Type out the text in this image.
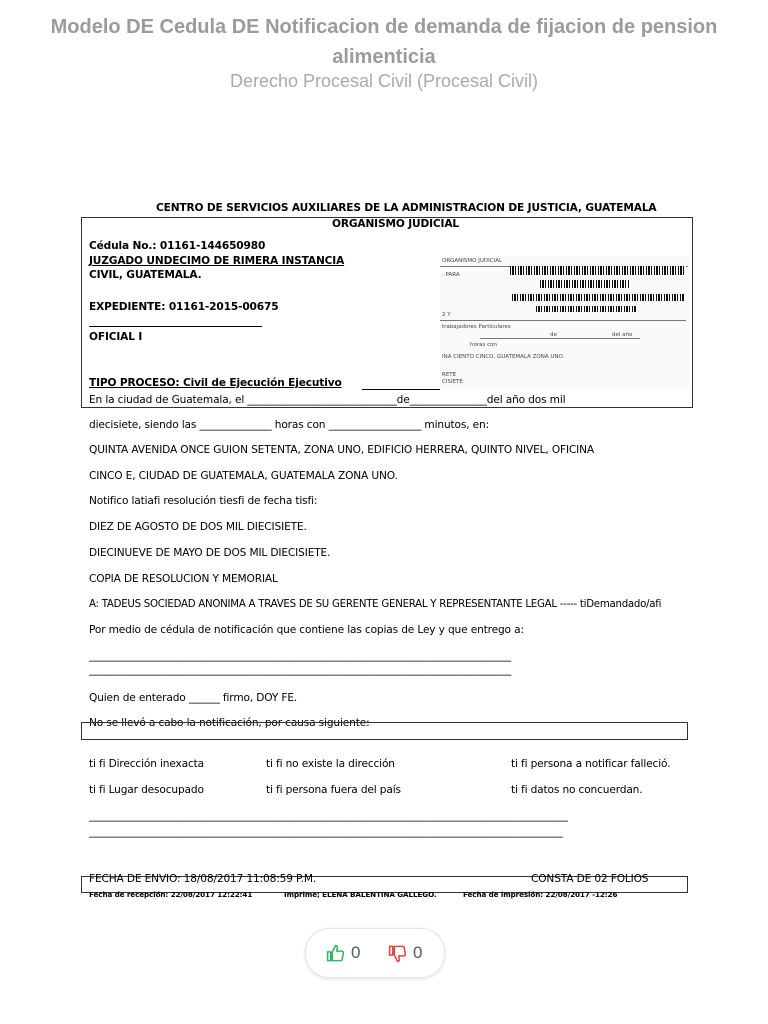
Modelo DE Cedula DE Notificacion de demanda de fijacion de pension alimenticia
Derecho Procesal Civil (Procesal Civil)
CENTRO DE SERVICIOS AUXILIARES DE LA ADMINISTRACION DE JUSTICIA, GUATEMALA
ORGANISMO JUDICIAL
Cédula No.: 01161-144650980
JUZGADO UNDECIMO DE RIMERA INSTANCIA
CIVIL, GUATEMALA.
EXPEDIENTE: 01161-2015-00675
OFICIAL I
TIPO PROCESO: Civil de Ejecución Ejecutivo
ORGANISMO JUDICIAL
. PARA
2 Y
trabajadores Particulares
de	del año
horas con
INA CIENTO CINCO, GUATEMALA ZONA UNO.
RETE
CISIETE
En la ciudad de Guatemala, el _____________________________de_______________del año dos mil
diecisiete, siendo las ______________ horas con __________________ minutos, en:
QUINTA AVENIDA ONCE GUION SETENTA, ZONA UNO, EDIFICIO HERRERA, QUINTO NIVEL, OFICINA
CINCO E, CIUDAD DE GUATEMALA, GUATEMALA ZONA UNO.
Notifico latiafi resolución tiesfi de fecha tisfi:
DIEZ DE AGOSTO DE DOS MIL DIECISIETE.
DIECINUEVE DE MAYO DE DOS MIL DIECISIETE.
COPIA DE RESOLUCION Y MEMORIAL
A: TADEUS SOCIEDAD ANONIMA A TRAVES DE SU GERENTE GENERAL Y REPRESENTANTE LEGAL ----- tiDemandado/afi
Por medio de cédula de notificación que contiene las copias de Ley y que entrego a:
__________________________________________________________________________________
__________________________________________________________________________________
Quien de enterado ______ firmo, DOY FE.
No se llevó a cabo la notificación, por causa siguiente:
ti fi Dirección inexacta	ti fi no existe la dirección	ti fi persona a notificar falleció.
ti fi Lugar desocupado	ti fi persona fuera del país	ti fi datos no concuerdan.
_____________________________________________________________________________________________
____________________________________________________________________________________________
FECHA DE ENVIO: 18/08/2017 11:08:59 P.M.	CONSTA DE 02 FOLIOS
Fecha de recepción: 22/08/2017 12:22:41	Imprime; ELENA BALENTINA GALLEGO.	Fecha de impresión: 22/08/2017 -12:26
0	0
